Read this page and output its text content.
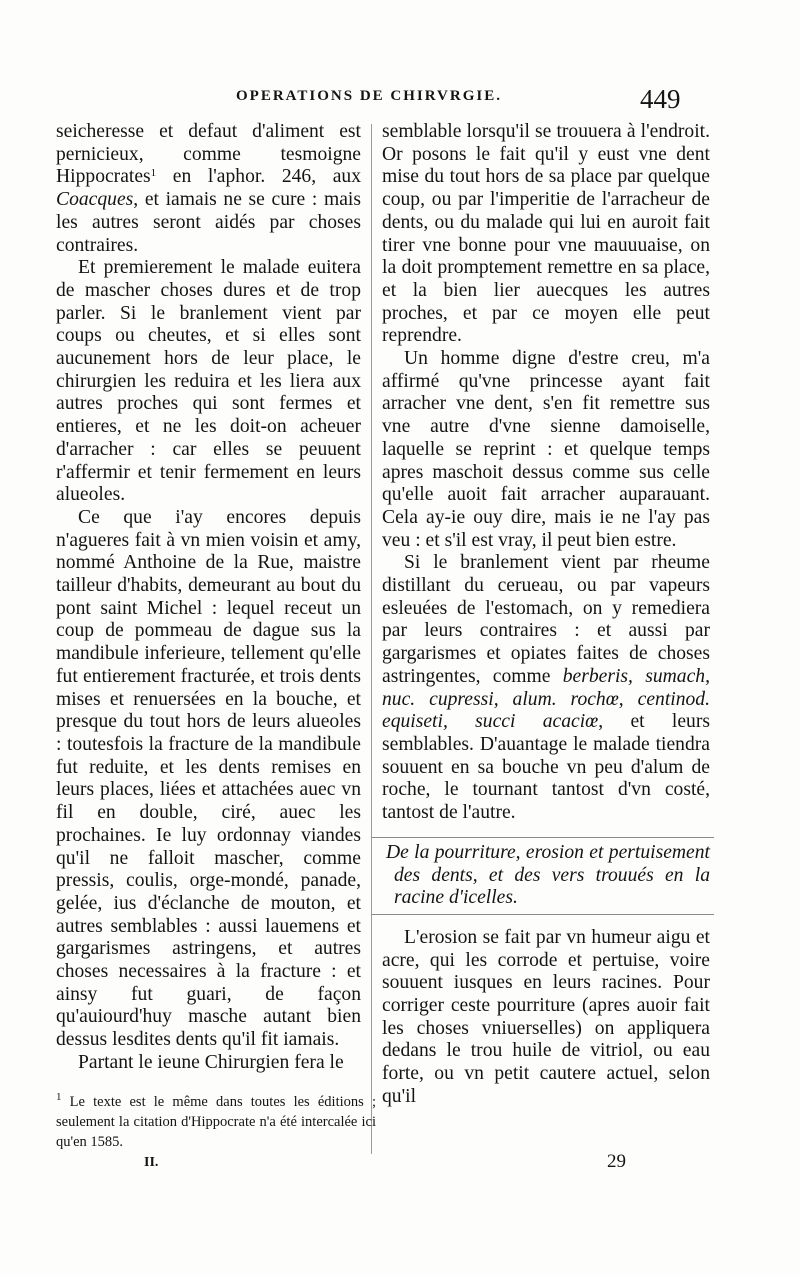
OPERATIONS DE CHIRVRGIE.	449

seicheresse et defaut d'aliment est pernicieux, comme tesmoigne Hippocrates$^1$ en l'aphor. 246, aux Coacques, et iamais ne se cure : mais les autres seront aidés par choses contraires.

Et premierement le malade euitera de mascher choses dures et de trop parler. Si le branlement vient par coups ou cheutes, et si elles sont aucunement hors de leur place, le chirurgien les reduira et les liera aux autres proches qui sont fermes et entieres, et ne les doit-on acheuer d'arracher : car elles se peuuent r'affermir et tenir fermement en leurs alueoles.

Ce que i'ay encores depuis n'agueres fait à vn mien voisin et amy, nommé Anthoine de la Rue, maistre tailleur d'habits, demeurant au bout du pont saint Michel : lequel receut un coup de pommeau de dague sus la mandibule inferieure, tellement qu'elle fut entierement fracturée, et trois dents mises et renuersées en la bouche, et presque du tout hors de leurs alueoles : toutesfois la fracture de la mandibule fut reduite, et les dents remises en leurs places, liées et attachées auec vn fil en double, ciré, auec les prochaines. Ie luy ordonnay viandes qu'il ne falloit mascher, comme pressis, coulis, orge-mondé, panade, gelée, ius d'éclanche de mouton, et autres semblables : aussi lauemens et gargarismes astringens, et autres choses necessaires à la fracture : et ainsy fut guari, de façon qu'auiourd'huy masche autant bien dessus lesdites dents qu'il fit iamais.

Partant le ieune Chirurgien fera le

semblable lorsqu'il se trouuera à l'endroit. Or posons le fait qu'il y eust vne dent mise du tout hors de sa place par quelque coup, ou par l'imperitie de l'arracheur de dents, ou du malade qui lui en auroit fait tirer vne bonne pour vne mauuuaise, on la doit promptement remettre en sa place, et la bien lier auecques les autres proches, et par ce moyen elle peut reprendre.

Un homme digne d'estre creu, m'a affirmé qu'vne princesse ayant fait arracher vne dent, s'en fit remettre sus vne autre d'vne sienne damoiselle, laquelle se reprint : et quelque temps apres maschoit dessus comme sus celle qu'elle auoit fait arracher auparauant. Cela ay-ie ouy dire, mais ie ne l'ay pas veu : et s'il est vray, il peut bien estre.

Si le branlement vient par rheume distillant du cerueau, ou par vapeurs esleuées de l'estomach, on y remediera par leurs contraires : et aussi par gargarismes et opiates faites de choses astringentes, comme berberis, sumach, nuc. cupressi, alum. rochœ, centinod. equiseti, succi acaciœ, et leurs semblables. D'auantage le malade tiendra souuent en sa bouche vn peu d'alum de roche, le tournant tantost d'vn costé, tantost de l'autre.

De la pourriture, erosion et pertuisement des dents, et des vers trouués en la racine d'icelles.

L'erosion se fait par vn humeur aigu et acre, qui les corrode et pertuise, voire souuent iusques en leurs racines. Pour corriger ceste pourriture (apres auoir fait les choses vniuerselles) on appliquera dedans le trou huile de vitriol, ou eau forte, ou vn petit cautere actuel, selon qu'il

$^1$ Le texte est le même dans toutes les éditions ; seulement la citation d'Hippocrate n'a été intercalée ici qu'en 1585.
II.	29
